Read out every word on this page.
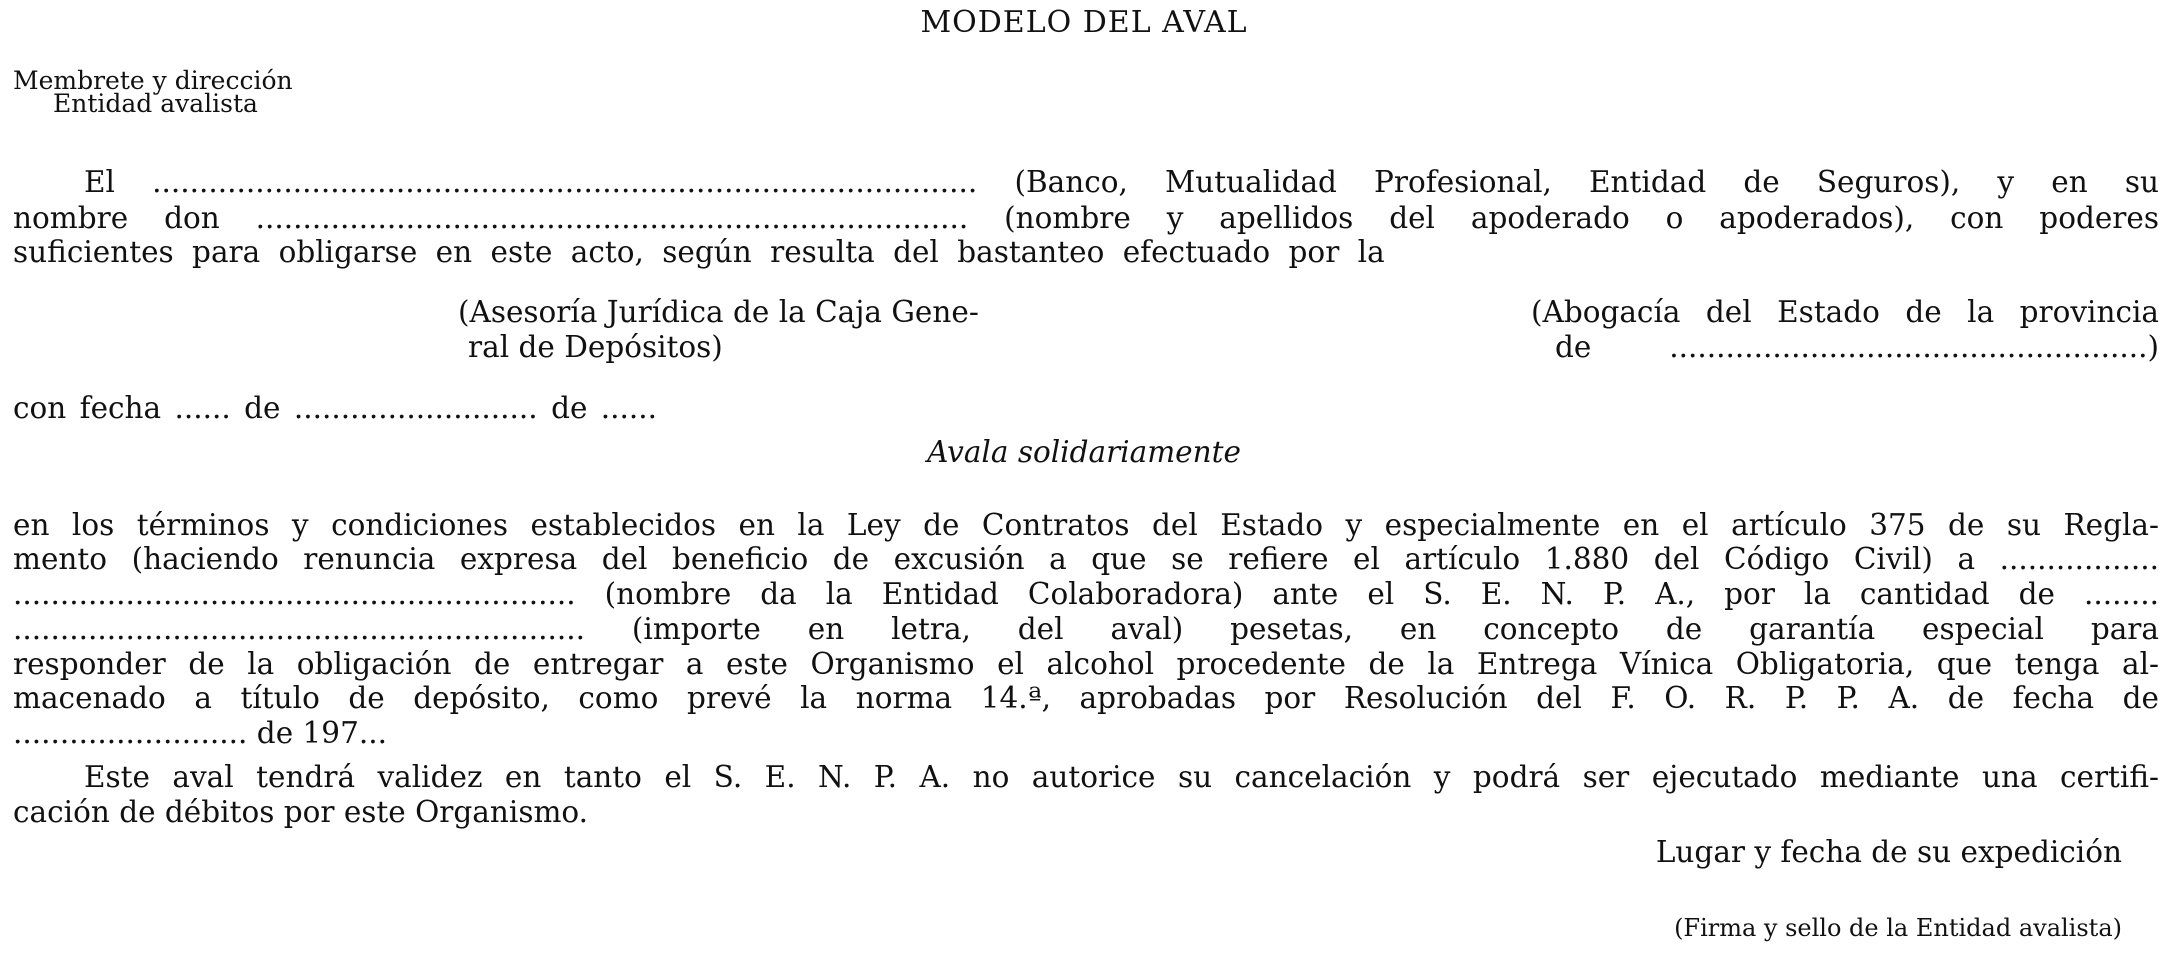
MODELO DEL AVAL
Membrete y dirección
Entidad avalista
El ........................................................................................ (Banco, Mutualidad Profesional, Entidad de Seguros), y en su
nombre don ............................................................................ (nombre y apellidos del apoderado o apoderados), con poderes
suficientes para obligarse en este acto, según resulta del bastanteo efectuado por la
(Asesoría Jurídica de la Caja Gene-
ral de Depósitos)
(Abogacía del Estado de la provincia
de ...................................................)
con fecha ...... de .......................... de ......
Avala solidariamente
en los términos y condiciones establecidos en la Ley de Contratos del Estado y especialmente en el artículo 375 de su Regla-
mento (haciendo renuncia expresa del beneficio de excusión a que se refiere el artículo 1.880 del Código Civil) a .................
............................................................ (nombre da la Entidad Colaboradora) ante el S. E. N. P. A., por la cantidad de ........
............................................................. (importe en letra, del aval) pesetas, en concepto de garantía especial para
responder de la obligación de entregar a este Organismo el alcohol procedente de la Entrega Vínica Obligatoria, que tenga al-
macenado a título de depósito, como prevé la norma 14.ª, aprobadas por Resolución del F. O. R. P. P. A. de fecha de
......................... de 197...
Este aval tendrá validez en tanto el S. E. N. P. A. no autorice su cancelación y podrá ser ejecutado mediante una certifi-
cación de débitos por este Organismo.
Lugar y fecha de su expedición
(Firma y sello de la Entidad avalista)
